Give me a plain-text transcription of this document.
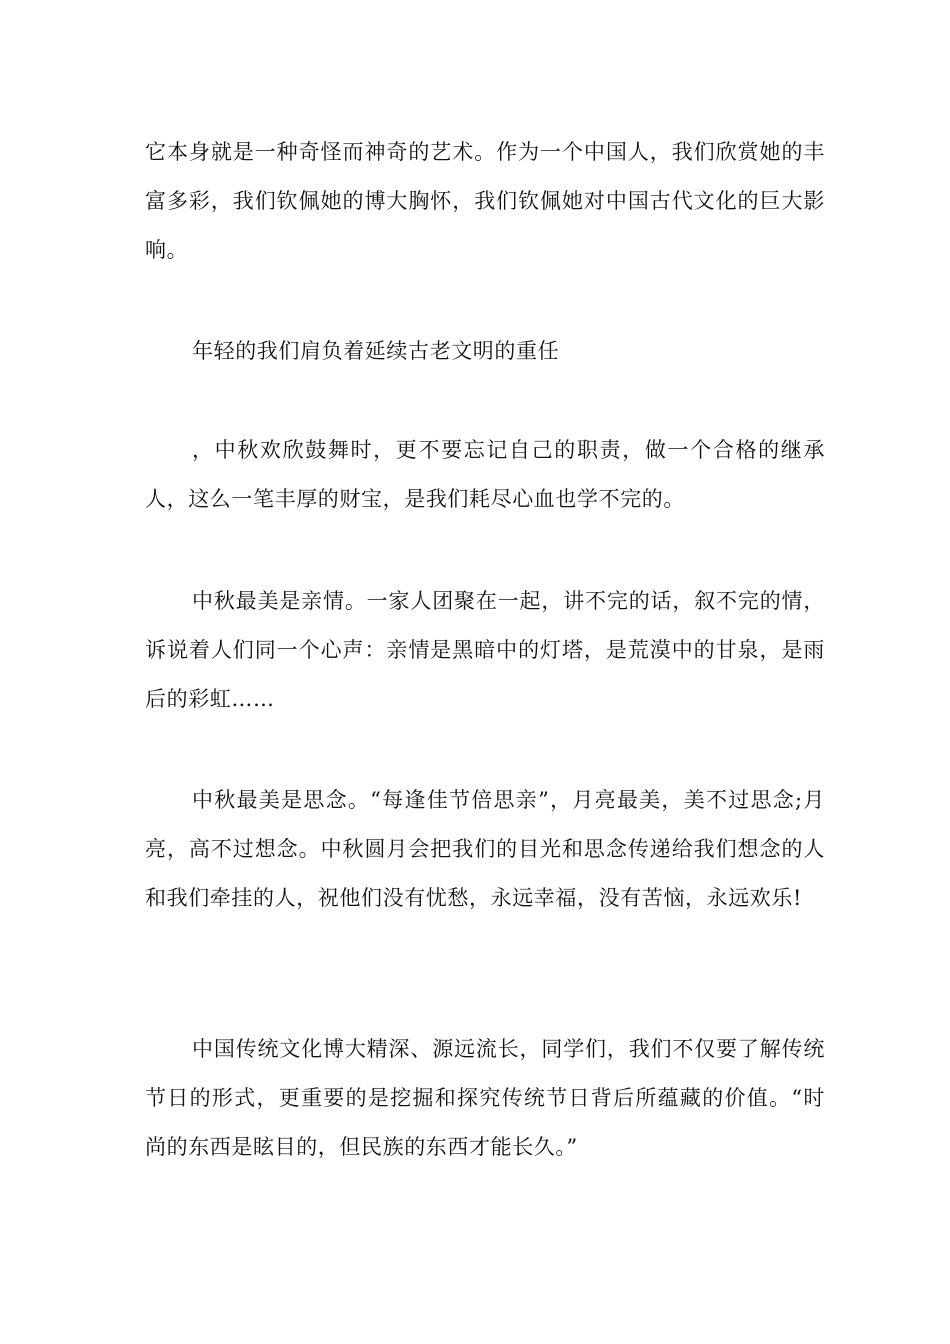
它本身就是一种奇怪而神奇的艺术。作为一个中国人，我们欣赏她的丰富多彩，我们钦佩她的博大胸怀，我们钦佩她对中国古代文化的巨大影响。

年轻的我们肩负着延续古老文明的重任

，中秋欢欣鼓舞时，更不要忘记自己的职责，做一个合格的继承人，这么一笔丰厚的财宝，是我们耗尽心血也学不完的。

中秋最美是亲情。一家人团聚在一起，讲不完的话，叙不完的情，诉说着人们同一个心声：亲情是黑暗中的灯塔，是荒漠中的甘泉，是雨后的彩虹……

中秋最美是思念。“每逢佳节倍思亲”，月亮最美，美不过思念;月亮，高不过想念。中秋圆月会把我们的目光和思念传递给我们想念的人和我们牵挂的人，祝他们没有忧愁，永远幸福，没有苦恼，永远欢乐!

中国传统文化博大精深、源远流长，同学们，我们不仅要了解传统节日的形式，更重要的是挖掘和探究传统节日背后所蕴藏的价值。“时尚的东西是眩目的，但民族的东西才能长久。”
